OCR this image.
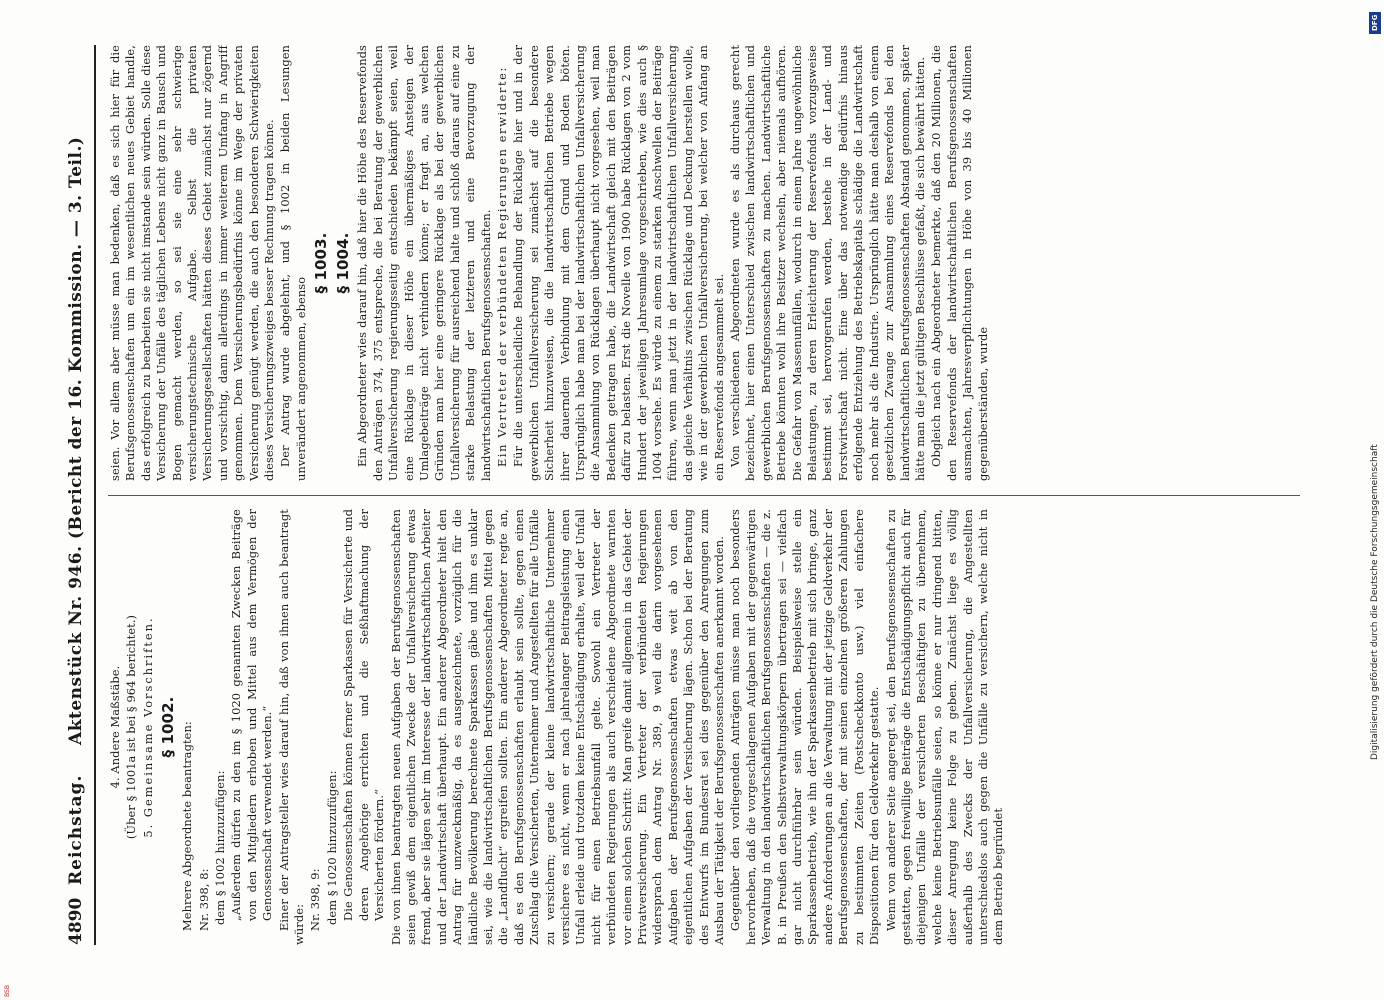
4890
Reichstag.
Aktenstück Nr. 946. (Bericht der 16. Kommission. — 3. Teil.) 4. Andere Maßstäbe. (Über § 1001a ist bei § 964 berichtet.) 5. Gemeinsame Vorschriften. § 1002. Mehrere Abgeordnete beantragten: Nr. 398, 8: dem § 1002 hinzuzufügen: „Außerdem dürfen zu den im § 1020 genannten Zwecken Beiträge von den Mitgliedern erhoben und Mittel aus dem Vermögen der Genossenschaft verwendet werden.“ Einer der Antragsteller wies darauf hin, daß von ihnen auch beantragt würde: Nr. 398, 9: dem § 1020 hinzuzufügen: Die Genossenschaften können ferner Sparkassen für Versicherte und deren Angehörige errichten und die Seßhaftmachung der Versicherten fördern.“ Die von ihnen beantragten neuen Aufgaben der Berufsgenossenschaften seien gewiß dem eigentlichen Zwecke der Unfallversicherung etwas fremd, aber sie lägen sehr im Interesse der landwirtschaftlichen Arbeiter und der Landwirtschaft überhaupt. Ein anderer Abgeordneter hielt den Antrag für unzweckmäßig, da es ausgezeichnete, vorzüglich für die ländliche Bevölkerung berechnete Sparkassen gäbe und ihm es unklar sei, wie die landwirtschaftlichen Berufsgenossenschaften Mittel gegen die „Landflucht“ ergreifen sollten. Ein anderer Abgeordneter regte an, daß es den Berufsgenossenschaften erlaubt sein sollte, gegen einen Zuschlag die Versicherten, Unternehmer und Angestellten für alle Unfälle zu versichern; gerade der kleine landwirtschaftliche Unternehmer versichere es nicht, wenn er nach jahrelanger Beitragsleistung einen Unfall erleide und trotzdem keine Entschädigung erhalte, weil der Unfall nicht für einen Betriebsunfall gelte. Sowohl ein Vertreter der verbündeten Regierungen als auch verschiedene Abgeordnete warnten vor einem solchen Schritt: Man greife damit allgemein in das Gebiet der Privatversicherung. Ein Vertreter der verbündeten Regierungen widersprach dem Antrag Nr. 389, 9 weil die darin vorgesehenen Aufgaben der Berufsgenossenschaften etwas weit ab von den eigentlichen Aufgaben der Versicherung lägen. Schon bei der Beratung des Entwurfs im Bundesrat sei dies gegenüber den Anregungen zum Ausbau der Tätigkeit der Berufsgenossenschaften anerkannt worden. Gegenüber den vorliegenden Anträgen müsse man noch besonders hervorheben, daß die vorgeschlagenen Aufgaben mit der gegenwärtigen Verwaltung in den landwirtschaftlichen Berufsgenossenschaften — die z. B. in Preußen den Selbstverwaltungskörpern übertragen sei — vielfach gar nicht durchführbar sein würden. Beispielsweise stelle ein Sparkassenbetrieb, wie ihn der Sparkassenbetrieb mit sich bringe, ganz andere Anforderungen an die Verwaltung mit der jetzige Geldverkehr der Berufsgenossenschaften, der mit seinen einzelnen größeren Zahlungen zu bestimmten Zeiten (Postscheckkonto usw.) viel einfachere Dispositionen für den Geldverkehr gestatte. Wenn von anderer Seite angeregt sei, den Berufsgenossenschaften zu gestatten, gegen freiwillige Beiträge die Entschädigungspflicht auch für diejenigen Unfälle der versicherten Beschäftigten zu übernehmen, welche keine Betriebsunfälle seien, so könne er nur dringend bitten, dieser Anregung keine Folge zu geben. Zunächst liege es völlig außerhalb des Zwecks der Unfallversicherung, die Angestellten unterschiedslos auch gegen die Unfälle zu versichern, welche nicht in dem Betrieb begründet

seien. Vor allem aber müsse man bedenken, daß es sich hier für die Berufsgenossenschaften um ein im wesentlichen neues Gebiet handle, das erfolgreich zu bearbeiten sie nicht imstande sein würden. Solle diese Versicherung der Unfälle des täglichen Lebens nicht ganz in Bausch und Bogen gemacht werden, so sei sie eine sehr schwierige versicherungstechnische Aufgabe. Selbst die privaten Versicherungsgesellschaften hätten dieses Gebiet zunächst nur zögernd und vorsichtig, dann allerdings in immer weiterem Umfang in Angriff genommen. Dem Versicherungsbedürfnis könne im Wege der privaten Versicherung genügt werden, die auch den besonderen Schwierigkeiten dieses Versicherungszweiges besser Rechnung tragen könne. Der Antrag wurde abgelehnt, und § 1002 in beiden Lesungen unverändert angenommen, ebenso

§ 1003. § 1004. Ein Abgeordneter wies darauf hin, daß hier die Höhe des Reservefonds den Anträgen 374, 375 entspreche, die bei Beratung der gewerblichen Unfallversicherung regierungsseitig entschieden bekämpft seien, weil eine Rücklage in dieser Höhe ein übermäßiges Ansteigen der Umlagebeiträge nicht verhindern könne; er fragt an, aus welchen Gründen man hier eine geringere Rücklage als bei der gewerblichen Unfallversicherung für ausreichend halte und schloß daraus auf eine zu starke Belastung der letzteren und eine Bevorzugung der landwirtschaftlichen Berufsgenossenschaften. Ein Vertreter der verbündeten Regierungen erwiderte: Für die unterschiedliche Behandlung der Rücklage hier und in der gewerblichen Unfallversicherung sei zunächst auf die besondere Sicherheit hinzuweisen, die die landwirtschaftlichen Betriebe wegen ihrer dauernden Verbindung mit dem Grund und Boden böten. Ursprünglich habe man bei der landwirtschaftlichen Unfallversicherung die Ansammlung von Rücklagen überhaupt nicht vorgesehen, weil man Bedenken getragen habe, die Landwirtschaft gleich mit den Beiträgen dafür zu belasten. Erst die Novelle von 1900 habe Rücklagen von 2 vom Hundert der jeweiligen Jahresumlage vorgeschrieben, wie dies auch § 1004 vorsehe. Es würde zu einem zu starken Anschwellen der Beiträge führen, wenn man jetzt in der landwirtschaftlichen Unfallversicherung das gleiche Verhältnis zwischen Rücklage und Deckung herstellen wolle, wie in der gewerblichen Unfallversicherung, bei welcher von Anfang an ein Reservefonds angesammelt sei. Von verschiedenen Abgeordneten wurde es als durchaus gerecht bezeichnet, hier einen Unterschied zwischen landwirtschaftlichen und gewerblichen Berufsgenossenschaften zu machen. Landwirtschaftliche Betriebe könnten wohl ihre Besitzer wechseln, aber niemals aufhören. Die Gefahr von Massenunfällen, wodurch in einem Jahre ungewöhnliche Belastungen, zu deren Erleichterung der Reservefonds vorzugsweise bestimmt sei, hervorgerufen werden, bestehe in der Land- und Forstwirtschaft nicht. Eine über das notwendige Bedürfnis hinaus erfolgende Entziehung des Betriebskapitals schädige die Landwirtschaft noch mehr als die Industrie. Ursprünglich hätte man deshalb von einem gesetzlichen Zwange zur Ansammlung eines Reservefonds bei den landwirtschaftlichen Berufsgenossenschaften Abstand genommen, später hätte man die jetzt gültigen Beschlüsse gefaßt, die sich bewährt hätten. Obgleich nach ein Abgeordneter bemerkte, daß den 20 Millionen, die den Reservefonds der landwirtschaftlichen Berufsgenossenschaften ausmachten, Jahresverpflichtungen in Höhe von 39 bis 40 Millionen gegenüberständen, wurde

DFG
Digitalisierung gefördert durch die Deutsche Forschungsgemeinschaft
BSB
